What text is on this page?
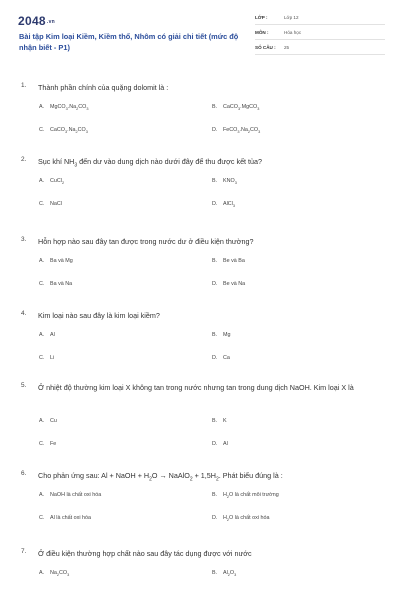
2048.vn
Bài tập Kim loại Kiềm, Kiềm thổ, Nhôm có giải chi tiết (mức độ nhận biết - P1)
LỚP :	Lớp 12
MÔN :	Hóa học
SỐ CÂU : 25
1. Thành phần chính của quặng dolomit là :
A. $MgCO_3.Na_2CO_3$	B. CaCO$_3$.MgCO$_3$
C. $CaCO_3.Na_2CO_3$	D. $FeCO_3.Na_2CO_3$
2. Sục khí $NH_3$ đến dư vào dung dịch nào dưới đây để thu được kết tủa?
A. CuCl$_2$	B. $KNO_3$
C. NaCl	D. AlCl$_3$
3. Hỗn hợp nào sau đây tan được trong nước dư ở điều kiện thường?
A. Ba và Mg	B. Be và Ba
C. Ba và Na	D. Be và Na
4. Kim loại nào sau đây là kim loại kiềm?
A. Al	B. Mg
C. Li	D. Ca
5. Ở nhiệt độ thường kim loại X không tan trong nước nhưng tan trong dung dịch NaOH. Kim loại X là
A. Cu	B. K
C. Fe	D. Al
6. Cho phản ứng sau: Al + NaOH + $H_2O$ → NaAlO$_2$ + $1,5H_2$. Phát biểu đúng là :
A. NaOH là chất oxi hóa	B. $H_2O$ là chất môi trường
C. Al là chất oxi hóa	D. $H_2O$ là chất oxi hóa
7. Ở điều kiện thường hợp chất nào sau đây tác dụng được với nước
A. $Na_2CO_3$	B. $Al_2O_3$
